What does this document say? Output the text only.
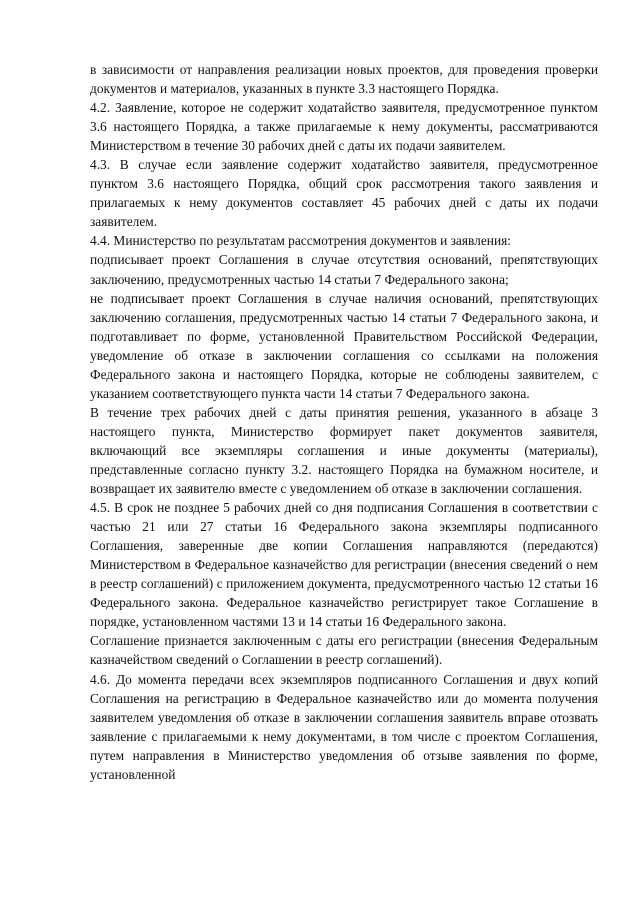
в зависимости от направления реализации новых проектов, для проведения проверки документов и материалов, указанных в пункте 3.3 настоящего Порядка.

4.2. Заявление, которое не содержит ходатайство заявителя, предусмотренное пунктом 3.6 настоящего Порядка, а также прилагаемые к нему документы, рассматриваются Министерством в течение 30 рабочих дней с даты их подачи заявителем.

4.3. В случае если заявление содержит ходатайство заявителя, предусмотренное пунктом 3.6 настоящего Порядка, общий срок рассмотрения такого заявления и прилагаемых к нему документов составляет 45 рабочих дней с даты их подачи заявителем.

4.4. Министерство по результатам рассмотрения документов и заявления:

подписывает проект Соглашения в случае отсутствия оснований, препятствующих заключению, предусмотренных частью 14 статьи 7 Федерального закона;

не подписывает проект Соглашения в случае наличия оснований, препятствующих заключению соглашения, предусмотренных частью 14 статьи 7 Федерального закона, и подготавливает по форме, установленной Правительством Российской Федерации, уведомление об отказе в заключении соглашения со ссылками на положения Федерального закона и настоящего Порядка, которые не соблюдены заявителем, с указанием соответствующего пункта части 14 статьи 7 Федерального закона.

В течение трех рабочих дней с даты принятия решения, указанного в абзаце 3 настоящего пункта, Министерство формирует пакет документов заявителя, включающий все экземпляры соглашения и иные документы (материалы), представленные согласно пункту 3.2. настоящего Порядка на бумажном носителе, и возвращает их заявителю вместе с уведомлением об отказе в заключении соглашения.

4.5. В срок не позднее 5 рабочих дней со дня подписания Соглашения в соответствии с частью 21 или 27 статьи 16 Федерального закона экземпляры подписанного Соглашения, заверенные две копии Соглашения направляются (передаются) Министерством в Федеральное казначейство для регистрации (внесения сведений о нем в реестр соглашений) с приложением документа, предусмотренного частью 12 статьи 16 Федерального закона. Федеральное казначейство регистрирует такое Соглашение в порядке, установленном частями 13 и 14 статьи 16 Федерального закона.

Соглашение признается заключенным с даты его регистрации (внесения Федеральным казначейством сведений о Соглашении в реестр соглашений).

4.6. До момента передачи всех экземпляров подписанного Соглашения и двух копий Соглашения на регистрацию в Федеральное казначейство или до момента получения заявителем уведомления об отказе в заключении соглашения заявитель вправе отозвать заявление с прилагаемыми к нему документами, в том числе с проектом Соглашения, путем направления в Министерство уведомления об отзыве заявления по форме, установленной
